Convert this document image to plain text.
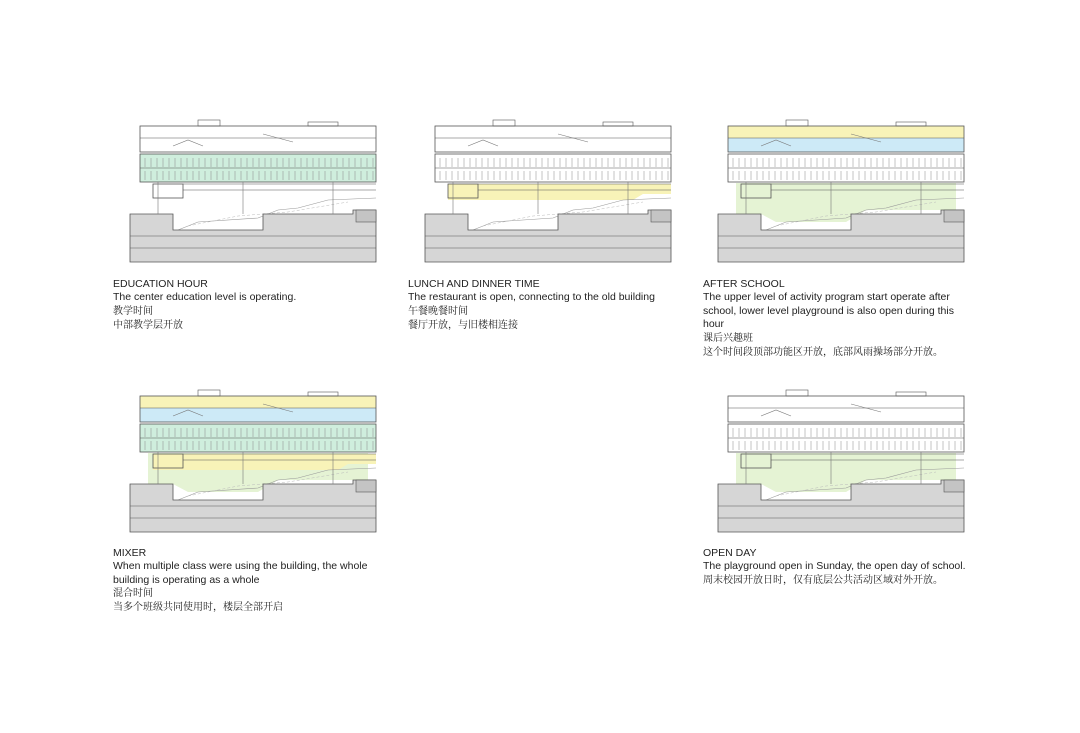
EDUCATION HOUR
The center education level is operating.
教学时间
中部教学层开放
LUNCH AND DINNER TIME
The restaurant is open, connecting to the old building
午餐晚餐时间
餐厅开放，与旧楼相连接
AFTER SCHOOL
The upper level of activity program start operate after school, lower level playground is also open during this hour
课后兴趣班
这个时间段顶部功能区开放，底部风雨操场部分开放。
MIXER
When multiple class were using the building, the whole building is operating as a whole
混合时间
当多个班级共同使用时，楼层全部开启
OPEN DAY
The playground open in Sunday, the open day of school.
周末校园开放日时，仅有底层公共活动区域对外开放。
